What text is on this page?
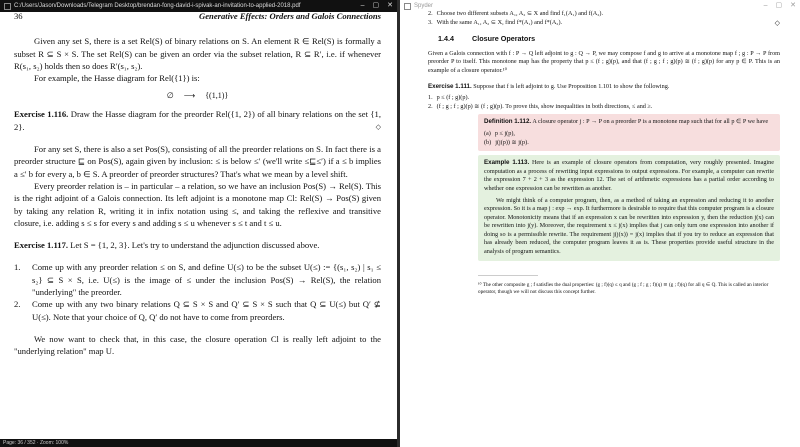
C:/Users/Jason/Downloads/Telegram Desktop/brendan-fong-david-i-spivak-an-invitation-to-applied-2018.pdf	– ▢ ✕
36	Generative Effects: Orders and Galois Connections

Given any set S, there is a set Rel(S) of binary relations on S. An element R ∈ Rel(S) is formally a subset R ⊆ S × S. The set Rel(S) can be given an order via the subset relation, R ⊆ R′, i.e. if whenever R(s₁, s₂) holds then so does R′(s₁, s₂).

For example, the Hasse diagram for Rel({1}) is:

∅ ⟶ {(1,1)}

Exercise 1.116. Draw the Hasse diagram for the preorder Rel({1, 2}) of all binary relations on the set {1, 2}.	◇

For any set S, there is also a set Pos(S), consisting of all the preorder relations on S. In fact there is a preorder structure ⊑ on Pos(S), again given by inclusion: ≤ is below ≤′ (we'll write ≤⊑≤′) if a ≤ b implies a ≤′ b for every a, b ∈ S. A preorder of preorder structures? That's what we mean by a level shift.

Every preorder relation is – in particular – a relation, so we have an inclusion Pos(S) → Rel(S). This is the right adjoint of a Galois connection. Its left adjoint is a monotone map Cl: Rel(S) → Pos(S) given by taking any relation R, writing it in infix notation using ≤, and taking the reflexive and transitive closure, i.e. adding s ≤ s for every s and adding s ≤ u whenever s ≤ t and t ≤ u.

Exercise 1.117. Let S = {1, 2, 3}. Let's try to understand the adjunction discussed above.

1.	Come up with any preorder relation ≤ on S, and define U(≤) to be the subset U(≤) := {(s₁, s₂) | s₁ ≤ s₂} ⊆ S × S, i.e. U(≤) is the image of ≤ under the inclusion Pos(S) → Rel(S), the relation "underlying" the preorder.
2.	Come up with any two binary relations Q ⊆ S × S and Q′ ⊆ S × S such that Q ⊆ U(≤) but Q′ ⊈ U(≤). Note that your choice of Q, Q′ do not have to come from preorders.

We now want to check that, in this case, the closure operation Cl is really left adjoint to the "underlying relation" map U.

Page: 36 / 352 · Zoom: 100%
Spyder	– ▢ ✕
2. Choose two different subsets A₁, A₂ ⊆ X and find f₁(A₁) and f(A₂).
3. With the same A₁, A₂ ⊆ X, find f*(A₁) and f*(A₂).	◇
1.4.4	Closure Operators

Given a Galois connection with f : P → Q left adjoint to g : Q → P, we may compose f and g to arrive at a monotone map f ; g : P → P from preorder P to itself. This monotone map has the property that p ≤ (f ; g)(p), and that (f ; g ; f ; g)(p) ≅ (f ; g)(p) for any p ∈ P. This is an example of a closure operator.¹⁰

Exercise 1.111. Suppose that f is left adjoint to g. Use Proposition 1.101 to show the following.

1. p ≤ (f ; g)(p).
2. (f ; g ; f ; g)(p) ≅ (f ; g)(p). To prove this, show inequalities in both directions, ≤ and ≥.

Definition 1.112. A closure operator j : P → P on a preorder P is a monotone map such that for all p ∈ P we have

(a) p ≤ j(p),
(b) j(j(p)) ≅ j(p).

Example 1.113. Here is an example of closure operators from computation, very roughly presented. Imagine computation as a process of rewriting input expressions to output expressions. For example, a computer can rewrite the expression 7 + 2 + 3 as the expression 12. The set of arithmetic expressions has a partial order according to whether one expression can be rewritten as another.

We might think of a computer program, then, as a method of taking an expression and reducing it to another expression. So it is a map j : exp → exp. It furthermore is desirable to require that this computer program is a closure operator. Monotonicity means that if an expression x can be rewritten into expression y, then the reduction j(x) can be rewritten into j(y). Moreover, the requirement x ≤ j(x) implies that j can only turn one expression into another if doing so is a permissible rewrite. The requirement j(j(x)) = j(x) implies that if you try to reduce an expression that has already been reduced, the computer program leaves it as is. These properties provide useful structure in the analysis of program semantics.

¹⁰ The other composite g ; f satisfies the dual properties: (g ; f)(q) ≤ q and (g ; f ; g ; f)(q) ≅ (g ; f)(q) for all q ∈ Q. This is called an interior operator, though we will not discuss this concept further.
